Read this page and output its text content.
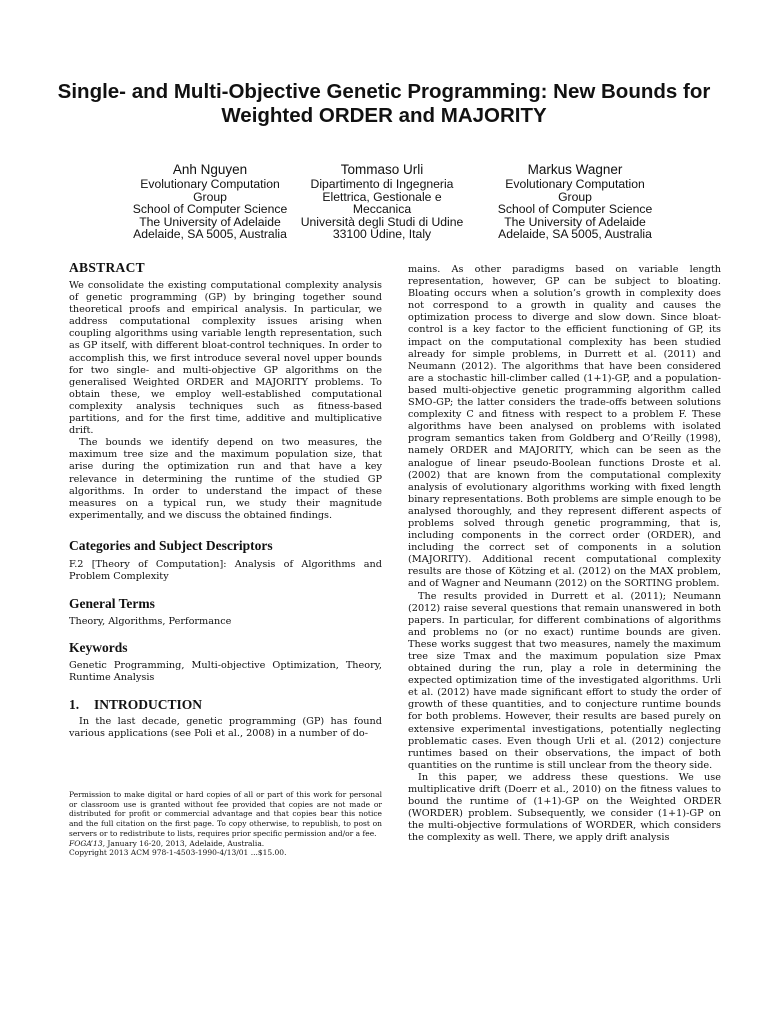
Single- and Multi-Objective Genetic Programming: New Bounds for Weighted ORDER and MAJORITY
Anh Nguyen
Evolutionary Computation
Group
School of Computer Science
The University of Adelaide
Adelaide, SA 5005, Australia
Tommaso Urli
Dipartimento di Ingegneria
Elettrica, Gestionale e
Meccanica
Università degli Studi di Udine
33100 Udine, Italy
Markus Wagner
Evolutionary Computation
Group
School of Computer Science
The University of Adelaide
Adelaide, SA 5005, Australia
ABSTRACT

We consolidate the existing computational complexity analysis of genetic programming (GP) by bringing together sound theoretical proofs and empirical analysis. In particular, we address computational complexity issues arising when coupling algorithms using variable length representation, such as GP itself, with different bloat-control techniques. In order to accomplish this, we first introduce several novel upper bounds for two single- and multi-objective GP algorithms on the generalised Weighted ORDER and MAJORITY problems. To obtain these, we employ well-established computational complexity analysis techniques such as fitness-based partitions, and for the first time, additive and multiplicative drift.

The bounds we identify depend on two measures, the maximum tree size and the maximum population size, that arise during the optimization run and that have a key relevance in determining the runtime of the studied GP algorithms. In order to understand the impact of these measures on a typical run, we study their magnitude experimentally, and we discuss the obtained findings.

Categories and Subject Descriptors

F.2 [Theory of Computation]: Analysis of Algorithms and Problem Complexity

General Terms

Theory, Algorithms, Performance

Keywords

Genetic Programming, Multi-objective Optimization, Theory, Runtime Analysis

1. INTRODUCTION

In the last decade, genetic programming (GP) has found various applications (see Poli et al., 2008) in a number of do-

Permission to make digital or hard copies of all or part of this work for personal or classroom use is granted without fee provided that copies are not made or distributed for profit or commercial advantage and that copies bear this notice and the full citation on the first page. To copy otherwise, to republish, to post on servers or to redistribute to lists, requires prior specific permission and/or a fee.

FOGA’13, January 16-20, 2013, Adelaide, Australia.

Copyright 2013 ACM 978-1-4503-1990-4/13/01 ...$15.00.

mains. As other paradigms based on variable length representation, however, GP can be subject to bloating. Bloating occurs when a solution’s growth in complexity does not correspond to a growth in quality and causes the optimization process to diverge and slow down. Since bloat-control is a key factor to the efficient functioning of GP, its impact on the computational complexity has been studied already for simple problems, in Durrett et al. (2011) and Neumann (2012). The algorithms that have been considered are a stochastic hill-climber called (1+1)-GP, and a population-based multi-objective genetic programming algorithm called SMO-GP; the latter considers the trade-offs between solutions complexity C and fitness with respect to a problem F. These algorithms have been analysed on problems with isolated program semantics taken from Goldberg and O’Reilly (1998), namely ORDER and MAJORITY, which can be seen as the analogue of linear pseudo-Boolean functions Droste et al. (2002) that are known from the computational complexity analysis of evolutionary algorithms working with fixed length binary representations. Both problems are simple enough to be analysed thoroughly, and they represent different aspects of problems solved through genetic programming, that is, including components in the correct order (ORDER), and including the correct set of components in a solution (MAJORITY). Additional recent computational complexity results are those of Kötzing et al. (2012) on the MAX problem, and of Wagner and Neumann (2012) on the SORTING problem.

The results provided in Durrett et al. (2011); Neumann (2012) raise several questions that remain unanswered in both papers. In particular, for different combinations of algorithms and problems no (or no exact) runtime bounds are given. These works suggest that two measures, namely the maximum tree size Tmax and the maximum population size Pmax obtained during the run, play a role in determining the expected optimization time of the investigated algorithms. Urli et al. (2012) have made significant effort to study the order of growth of these quantities, and to conjecture runtime bounds for both problems. However, their results are based purely on extensive experimental investigations, potentially neglecting problematic cases. Even though Urli et al. (2012) conjecture runtimes based on their observations, the impact of both quantities on the runtime is still unclear from the theory side.

In this paper, we address these questions. We use multiplicative drift (Doerr et al., 2010) on the fitness values to bound the runtime of (1+1)-GP on the Weighted ORDER (WORDER) problem. Subsequently, we consider (1+1)-GP on the multi-objective formulations of WORDER, which considers the complexity as well. There, we apply drift analysis
